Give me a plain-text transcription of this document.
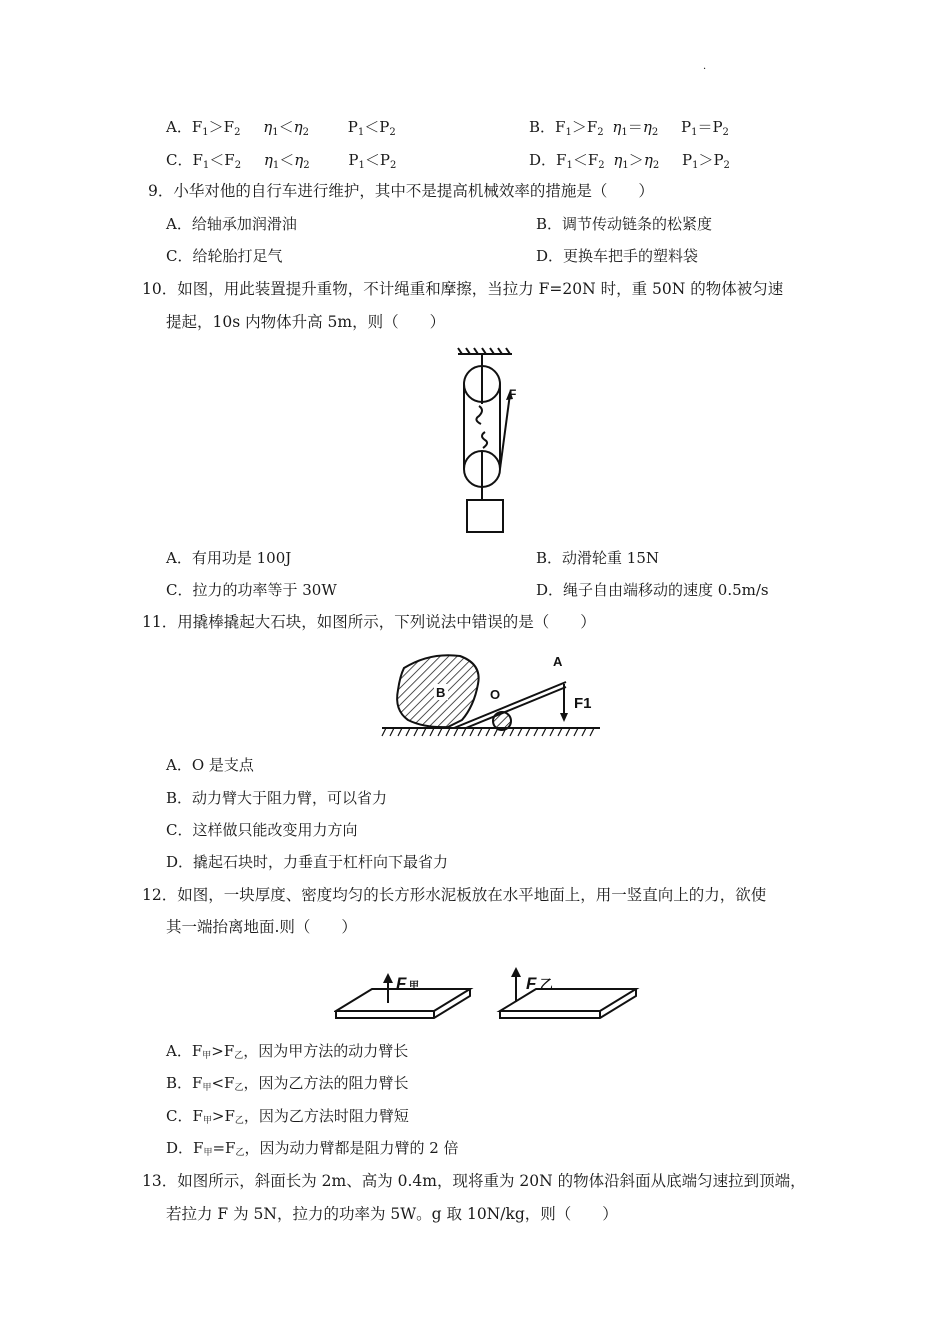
·
A．$F_1>F_2$ $\eta_1<\eta_2$	$P_1<P_2$	B．$F_1>F_2$ $\eta_1=\eta_2$ $P_1=P_2$
C．$F_1<F_2$ $\eta_1<\eta_2$	$P_1<P_2$	D．$F_1<F_2$ $\eta_1>\eta_2$ $P_1>P_2$
9．小华对他的自行车进行维护，其中不是提高机械效率的措施是（　　）
A．给轴承加润滑油	B．调节传动链条的松紧度
C．给轮胎打足气	D．更换车把手的塑料袋
10．如图，用此装置提升重物，不计绳重和摩擦，当拉力 F=20N 时，重 50N 的物体被匀速
提起，10s 内物体升高 5m，则（　　）
F
A．有用功是 100J	B．动滑轮重 15N
C．拉力的功率等于 30W	D．绳子自由端移动的速度 0.5m/s
11．用撬棒撬起大石块，如图所示，下列说法中错误的是（　　）
B	O
A
F1
A．O 是支点
B．动力臂大于阻力臂，可以省力
C．这样做只能改变用力方向
D．撬起石块时，力垂直于杠杆向下最省力
12．如图，一块厚度、密度均匀的长方形水泥板放在水平地面上，用一竖直向上的力，欲使
其一端抬离地面.则（　　）
F 甲	F 乙
A．F甲>F乙，因为甲方法的动力臂长
B．F甲<F乙，因为乙方法的阻力臂长
C．F甲>F乙，因为乙方法时阻力臂短
D．F甲=F乙，因为动力臂都是阻力臂的 2 倍
13．如图所示，斜面长为 2m、高为 0.4m，现将重为 20N 的物体沿斜面从底端匀速拉到顶端，
若拉力 F 为 5N，拉力的功率为 5W。g 取 10N/kg，则（　　）
